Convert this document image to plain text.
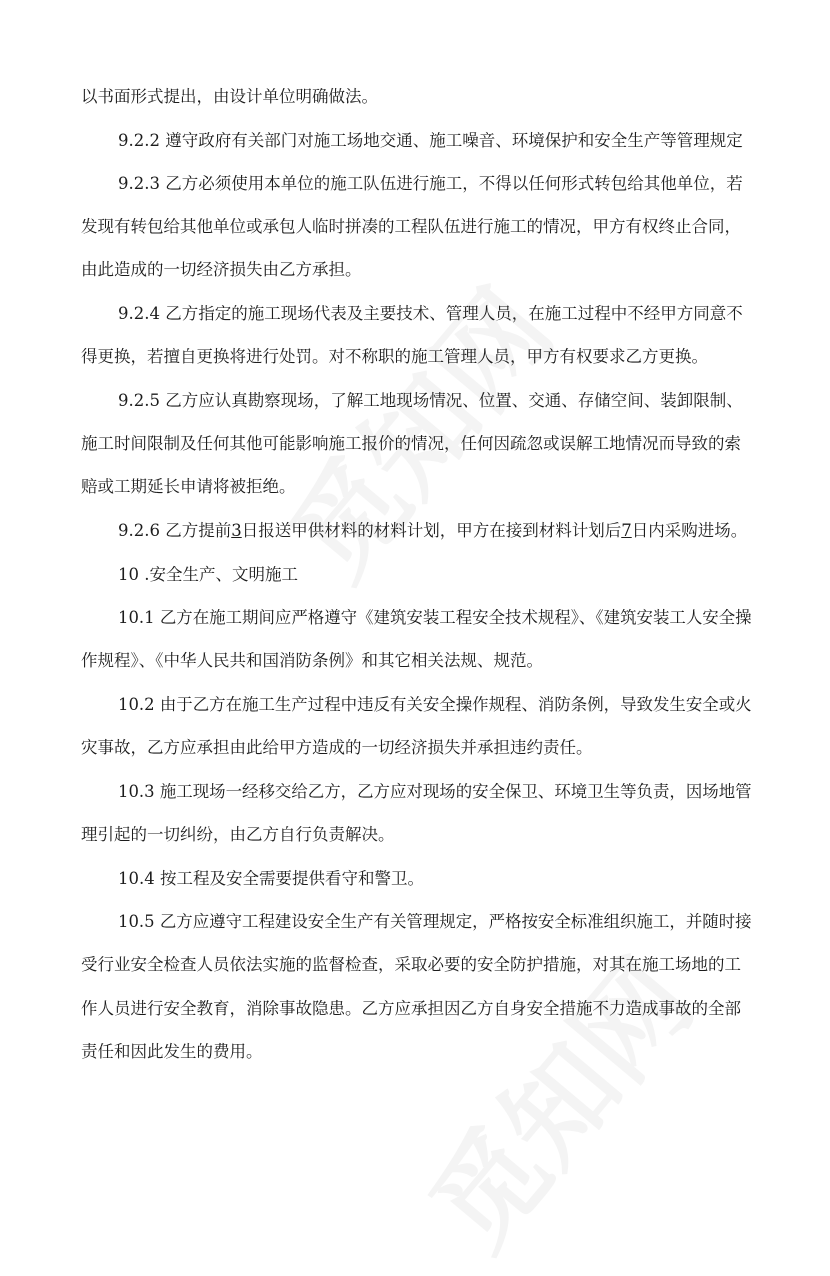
以书面形式提出，由设计单位明确做法。
9.2.2 遵守政府有关部门对施工场地交通、施工噪音、环境保护和安全生产等管理规定
9.2.3 乙方必须使用本单位的施工队伍进行施工，不得以任何形式转包给其他单位，若
发现有转包给其他单位或承包人临时拼凑的工程队伍进行施工的情况，甲方有权终止合同，
由此造成的一切经济损失由乙方承担。
9.2.4 乙方指定的施工现场代表及主要技术、管理人员，在施工过程中不经甲方同意不
得更换，若擅自更换将进行处罚。对不称职的施工管理人员，甲方有权要求乙方更换。
9.2.5 乙方应认真勘察现场，了解工地现场情况、位置、交通、存储空间、装卸限制、
施工时间限制及任何其他可能影响施工报价的情况，任何因疏忽或误解工地情况而导致的索
赔或工期延长申请将被拒绝。
9.2.6 乙方提前3日报送甲供材料的材料计划，甲方在接到材料计划后7日内采购进场。
10 .安全生产、文明施工
10.1 乙方在施工期间应严格遵守《建筑安装工程安全技术规程》、《建筑安装工人安全操
作规程》、《中华人民共和国消防条例》和其它相关法规、规范。
10.2 由于乙方在施工生产过程中违反有关安全操作规程、消防条例，导致发生安全或火
灾事故，乙方应承担由此给甲方造成的一切经济损失并承担违约责任。
10.3 施工现场一经移交给乙方，乙方应对现场的安全保卫、环境卫生等负责，因场地管
理引起的一切纠纷，由乙方自行负责解决。
10.4 按工程及安全需要提供看守和警卫。
10.5 乙方应遵守工程建设安全生产有关管理规定，严格按安全标准组织施工，并随时接
受行业安全检查人员依法实施的监督检查，采取必要的安全防护措施，对其在施工场地的工
作人员进行安全教育，消除事故隐患。乙方应承担因乙方自身安全措施不力造成事故的全部
责任和因此发生的费用。
